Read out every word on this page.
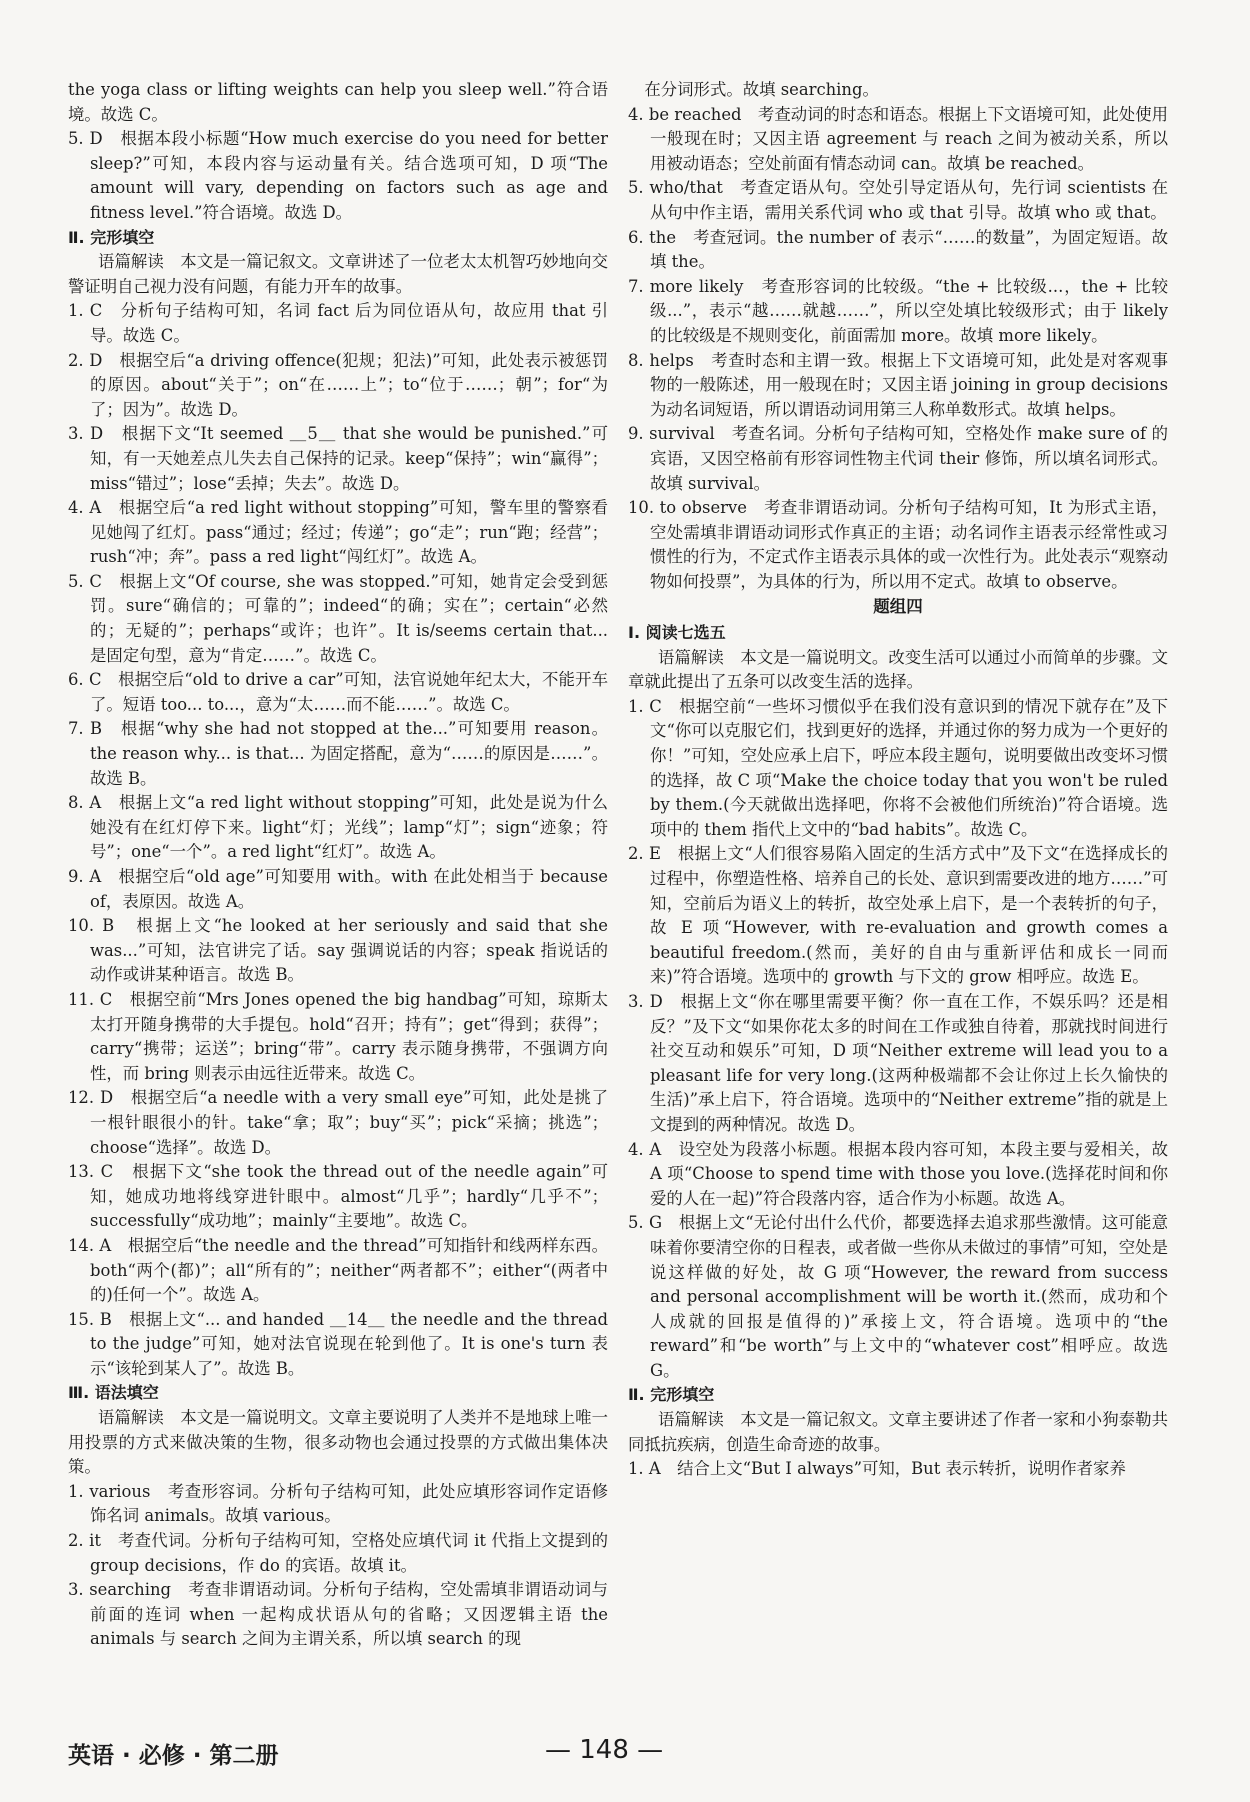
the yoga class or lifting weights can help you sleep well.”符合语境。故选 C。

5. D　根据本段小标题“How much exercise do you need for better sleep?”可知，本段内容与运动量有关。结合选项可知，D 项“The amount will vary, depending on factors such as age and fitness level.”符合语境。故选 D。

Ⅱ. 完形填空

语篇解读　本文是一篇记叙文。文章讲述了一位老太太机智巧妙地向交警证明自己视力没有问题，有能力开车的故事。

1. C　分析句子结构可知，名词 fact 后为同位语从句，故应用 that 引导。故选 C。

2. D　根据空后“a driving offence(犯规；犯法)”可知，此处表示被惩罚的原因。about“关于”；on“在……上”；to“位于……；朝”；for“为了；因为”。故选 D。

3. D　根据下文“It seemed ＿5＿ that she would be punished.”可知，有一天她差点儿失去自己保持的记录。keep“保持”；win“赢得”；miss“错过”；lose“丢掉；失去”。故选 D。

4. A　根据空后“a red light without stopping”可知，警车里的警察看见她闯了红灯。pass“通过；经过；传递”；go“走”；run“跑；经营”；rush“冲；奔”。pass a red light“闯红灯”。故选 A。

5. C　根据上文“Of course, she was stopped.”可知，她肯定会受到惩罚。sure“确信的；可靠的”；indeed“的确；实在”；certain“必然的；无疑的”；perhaps“或许；也许”。It is/seems certain that... 是固定句型，意为“肯定……”。故选 C。

6. C　根据空后“old to drive a car”可知，法官说她年纪太大，不能开车了。短语 too... to...，意为“太……而不能……”。故选 C。

7. B　根据“why she had not stopped at the...”可知要用 reason。the reason why... is that... 为固定搭配，意为“……的原因是……”。故选 B。

8. A　根据上文“a red light without stopping”可知，此处是说为什么她没有在红灯停下来。light“灯；光线”；lamp“灯”；sign“迹象；符号”；one“一个”。a red light“红灯”。故选 A。

9. A　根据空后“old age”可知要用 with。with 在此处相当于 because of，表原因。故选 A。

10. B　根据上文“he looked at her seriously and said that she was...”可知，法官讲完了话。say 强调说话的内容；speak 指说话的动作或讲某种语言。故选 B。

11. C　根据空前“Mrs Jones opened the big handbag”可知，琼斯太太打开随身携带的大手提包。hold“召开；持有”；get“得到；获得”；carry“携带；运送”；bring“带”。carry 表示随身携带，不强调方向性，而 bring 则表示由远往近带来。故选 C。

12. D　根据空后“a needle with a very small eye”可知，此处是挑了一根针眼很小的针。take“拿；取”；buy“买”；pick“采摘；挑选”；choose“选择”。故选 D。

13. C　根据下文“she took the thread out of the needle again”可知，她成功地将线穿进针眼中。almost“几乎”；hardly“几乎不”；successfully“成功地”；mainly“主要地”。故选 C。

14. A　根据空后“the needle and the thread”可知指针和线两样东西。both“两个(都)”；all“所有的”；neither“两者都不”；either“(两者中的)任何一个”。故选 A。

15. B　根据上文“... and handed ＿14＿ the needle and the thread to the judge”可知，她对法官说现在轮到他了。It is one's turn 表示“该轮到某人了”。故选 B。

Ⅲ. 语法填空

语篇解读　本文是一篇说明文。文章主要说明了人类并不是地球上唯一用投票的方式来做决策的生物，很多动物也会通过投票的方式做出集体决策。

1. various　考查形容词。分析句子结构可知，此处应填形容词作定语修饰名词 animals。故填 various。

2. it　考查代词。分析句子结构可知，空格处应填代词 it 代指上文提到的 group decisions，作 do 的宾语。故填 it。

3. searching　考查非谓语动词。分析句子结构，空处需填非谓语动词与前面的连词 when 一起构成状语从句的省略；又因逻辑主语 the animals 与 search 之间为主谓关系，所以填 search 的现

　在分词形式。故填 searching。

4. be reached　考查动词的时态和语态。根据上下文语境可知，此处使用一般现在时；又因主语 agreement 与 reach 之间为被动关系，所以用被动语态；空处前面有情态动词 can。故填 be reached。

5. who/that　考查定语从句。空处引导定语从句，先行词 scientists 在从句中作主语，需用关系代词 who 或 that 引导。故填 who 或 that。

6. the　考查冠词。the number of 表示“……的数量”，为固定短语。故填 the。

7. more likely　考查形容词的比较级。“the + 比较级...，the + 比较级...”，表示“越……就越……”，所以空处填比较级形式；由于 likely 的比较级是不规则变化，前面需加 more。故填 more likely。

8. helps　考查时态和主谓一致。根据上下文语境可知，此处是对客观事物的一般陈述，用一般现在时；又因主语 joining in group decisions 为动名词短语，所以谓语动词用第三人称单数形式。故填 helps。

9. survival　考查名词。分析句子结构可知，空格处作 make sure of 的宾语，又因空格前有形容词性物主代词 their 修饰，所以填名词形式。故填 survival。

10. to observe　考查非谓语动词。分析句子结构可知，It 为形式主语，空处需填非谓语动词形式作真正的主语；动名词作主语表示经常性或习惯性的行为，不定式作主语表示具体的或一次性行为。此处表示“观察动物如何投票”，为具体的行为，所以用不定式。故填 to observe。

题组四

Ⅰ. 阅读七选五

语篇解读　本文是一篇说明文。改变生活可以通过小而简单的步骤。文章就此提出了五条可以改变生活的选择。

1. C　根据空前“一些坏习惯似乎在我们没有意识到的情况下就存在”及下文“你可以克服它们，找到更好的选择，并通过你的努力成为一个更好的你！”可知，空处应承上启下，呼应本段主题句，说明要做出改变坏习惯的选择，故 C 项“Make the choice today that you won't be ruled by them.(今天就做出选择吧，你将不会被他们所统治)”符合语境。选项中的 them 指代上文中的“bad habits”。故选 C。

2. E　根据上文“人们很容易陷入固定的生活方式中”及下文“在选择成长的过程中，你塑造性格、培养自己的长处、意识到需要改进的地方……”可知，空前后为语义上的转折，故空处承上启下，是一个表转折的句子，故 E 项“However, with re-evaluation and growth comes a beautiful freedom.(然而，美好的自由与重新评估和成长一同而来)”符合语境。选项中的 growth 与下文的 grow 相呼应。故选 E。

3. D　根据上文“你在哪里需要平衡？你一直在工作，不娱乐吗？还是相反？”及下文“如果你花太多的时间在工作或独自待着，那就找时间进行社交互动和娱乐”可知，D 项“Neither extreme will lead you to a pleasant life for very long.(这两种极端都不会让你过上长久愉快的生活)”承上启下，符合语境。选项中的“Neither extreme”指的就是上文提到的两种情况。故选 D。

4. A　设空处为段落小标题。根据本段内容可知，本段主要与爱相关，故 A 项“Choose to spend time with those you love.(选择花时间和你爱的人在一起)”符合段落内容，适合作为小标题。故选 A。

5. G　根据上文“无论付出什么代价，都要选择去追求那些激情。这可能意味着你要清空你的日程表，或者做一些你从未做过的事情”可知，空处是说这样做的好处，故 G 项“However, the reward from success and personal accomplishment will be worth it.(然而，成功和个人成就的回报是值得的)”承接上文，符合语境。选项中的“the reward”和“be worth”与上文中的“whatever cost”相呼应。故选 G。

Ⅱ. 完形填空

语篇解读　本文是一篇记叙文。文章主要讲述了作者一家和小狗泰勒共同抵抗疾病，创造生命奇迹的故事。

1. A　结合上文“But I always”可知，But 表示转折，说明作者家养

英语 · 必修 · 第二册	— 148 —
